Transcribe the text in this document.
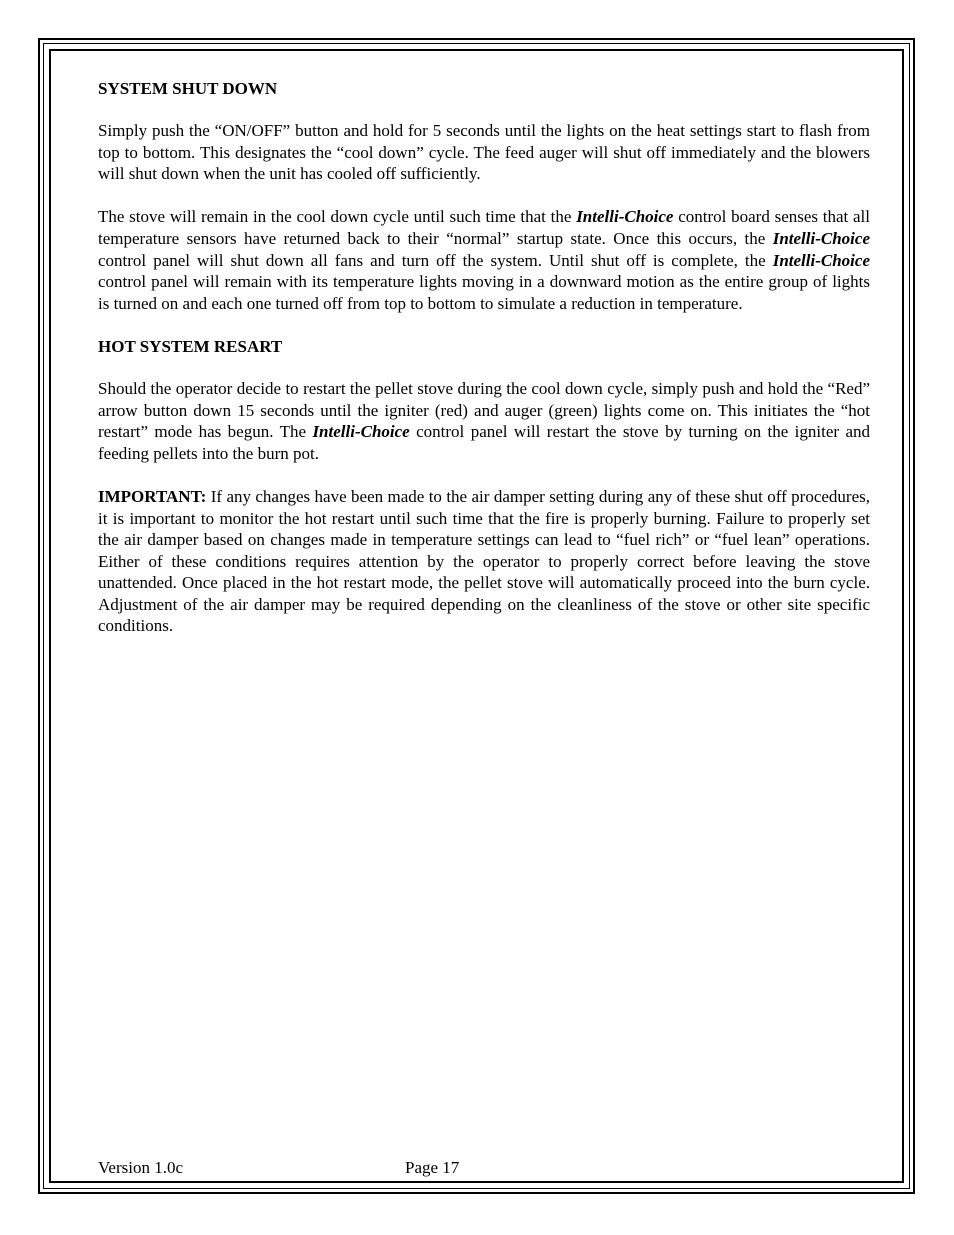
SYSTEM SHUT DOWN

Simply push the “ON/OFF” button and hold for 5 seconds until the lights on the heat settings start to flash from top to bottom. This designates the “cool down” cycle. The feed auger will shut off immediately and the blowers will shut down when the unit has cooled off sufficiently.

The stove will remain in the cool down cycle until such time that the Intelli-Choice control board senses that all temperature sensors have returned back to their “normal” startup state. Once this occurs, the Intelli-Choice control panel will shut down all fans and turn off the system. Until shut off is complete, the Intelli-Choice control panel will remain with its temperature lights moving in a downward motion as the entire group of lights is turned on and each one turned off from top to bottom to simulate a reduction in temperature.

HOT SYSTEM RESART

Should the operator decide to restart the pellet stove during the cool down cycle, simply push and hold the “Red” arrow button down 15 seconds until the igniter (red) and auger (green) lights come on. This initiates the “hot restart” mode has begun. The Intelli-Choice control panel will restart the stove by turning on the igniter and feeding pellets into the burn pot.

IMPORTANT: If any changes have been made to the air damper setting during any of these shut off procedures, it is important to monitor the hot restart until such time that the fire is properly burning. Failure to properly set the air damper based on changes made in temperature settings can lead to “fuel rich” or “fuel lean” operations. Either of these conditions requires attention by the operator to properly correct before leaving the stove unattended. Once placed in the hot restart mode, the pellet stove will automatically proceed into the burn cycle. Adjustment of the air damper may be required depending on the cleanliness of the stove or other site specific conditions.

Version 1.0c	Page 17
